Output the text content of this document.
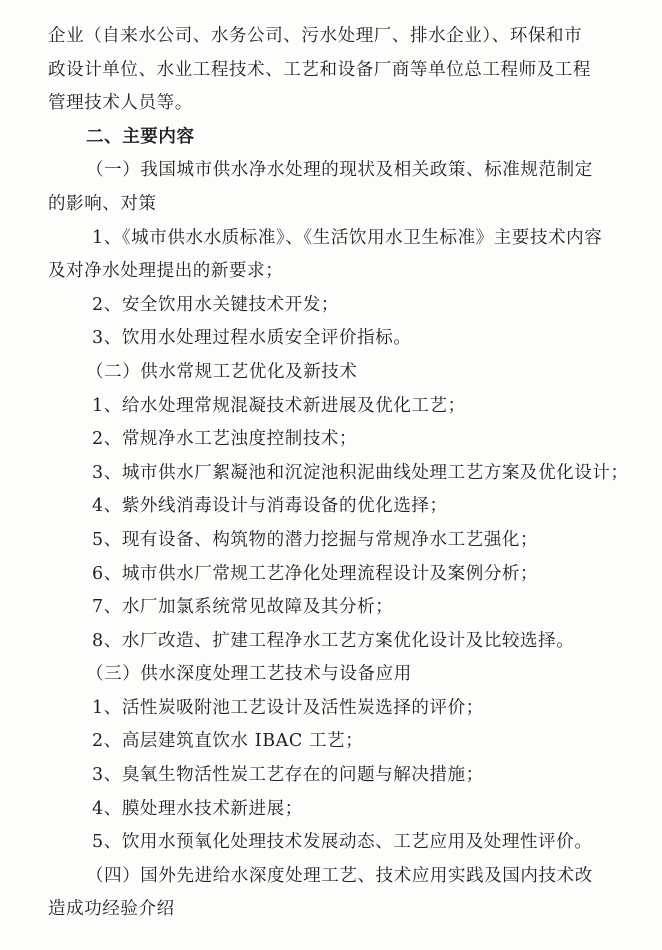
企业（自来水公司、水务公司、污水处理厂、排水企业）、环保和市
政设计单位、水业工程技术、工艺和设备厂商等单位总工程师及工程
管理技术人员等。
二、主要内容
（一）我国城市供水净水处理的现状及相关政策、标准规范制定
的影响、对策
1、《城市供水水质标准》、《生活饮用水卫生标准》主要技术内容
及对净水处理提出的新要求；
2、安全饮用水关键技术开发；
3、饮用水处理过程水质安全评价指标。
（二）供水常规工艺优化及新技术
1、给水处理常规混凝技术新进展及优化工艺；
2、常规净水工艺浊度控制技术；
3、城市供水厂絮凝池和沉淀池积泥曲线处理工艺方案及优化设计；
4、紫外线消毒设计与消毒设备的优化选择；
5、现有设备、构筑物的潜力挖掘与常规净水工艺强化；
6、城市供水厂常规工艺净化处理流程设计及案例分析；
7、水厂加氯系统常见故障及其分析；
8、水厂改造、扩建工程净水工艺方案优化设计及比较选择。
（三）供水深度处理工艺技术与设备应用
1、活性炭吸附池工艺设计及活性炭选择的评价；
2、高层建筑直饮水 IBAC 工艺；
3、臭氧生物活性炭工艺存在的问题与解决措施；
4、膜处理水技术新进展；
5、饮用水预氧化处理技术发展动态、工艺应用及处理性评价。
（四）国外先进给水深度处理工艺、技术应用实践及国内技术改
造成功经验介绍
